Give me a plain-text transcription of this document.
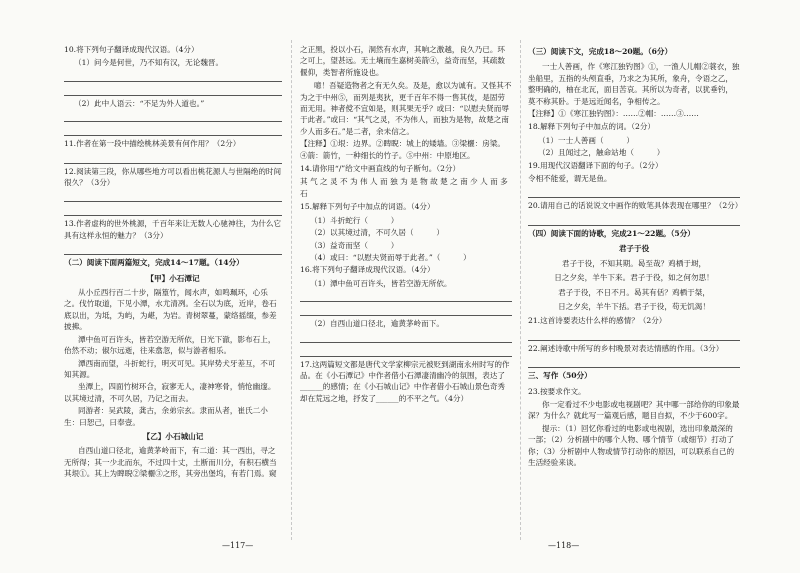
10.将下列句子翻译成现代汉语。（4分）
（1）问今是何世，乃不知有汉，无论魏晋。
（2）此中人语云：“不足为外人道也。”
11.作者在第一段中描绘桃林美景有何作用？（2分）
12.阅读第三段，你从哪些地方可以看出桃花源人与世隔绝的时间很久？（3分）
13.作者虚构的世外桃源，千百年来让无数人心驰神往，为什么它具有这样永恒的魅力？（3分）
（二）阅读下面两篇短文，完成14～17题。（14分）
【甲】小石潭记
从小丘西行百二十步，隔篁竹，闻水声，如鸣珮环，心乐之。伐竹取道，下见小潭，水尤清冽。全石以为底，近岸，卷石底以出，为坻，为屿，为嵁，为岩。青树翠蔓，蒙络摇缀，参差披拂。
潭中鱼可百许头，皆若空游无所依，日光下澈，影布石上，佁然不动；俶尔远逝，往来翕忽，似与游者相乐。
潭西南而望，斗折蛇行，明灭可见。其岸势犬牙差互，不可知其源。
坐潭上，四面竹树环合，寂寥无人，凄神寒骨，悄怆幽邃。以其境过清，不可久居，乃记之而去。
同游者：吴武陵，龚古，余弟宗玄。隶而从者，崔氏二小生：曰恕己，曰奉壹。
【乙】小石城山记
自西山道口径北，逾黄茅岭而下，有二道：其一西出，寻之无所得；其一少北而东，不过四十丈，土断而川分，有积石横当其垠①。其上为睥睨②梁欐③之形，其旁出堡坞，有若门焉。窥
之正黑，投以小石，洞然有水声，其响之激越，良久乃已。环之可上，望甚远。无土壤而生嘉树美箭④，益奇而坚，其疏数偃仰，类智者所施设也。
噫！吾疑造物者之有无久矣。及是，愈以为诚有。又怪其不为之于中州⑤，而列是夷狄，更千百年不得一售其伎，是固劳而无用。神者傥不宜如是，则其果无乎？或曰：“以慰夫贤而辱于此者。”或曰：“其气之灵，不为伟人，而独为是物，故楚之南少人而多石。”是二者，余未信之。
【注释】①垠：边界。②睥睨：城上的矮墙。③梁欐：房梁。④箭：箭竹，一种细长的竹子。⑤中州：中原地区。
14.请你用“/”给文中画直线的句子断句。（2分）
其 气 之 灵 不 为 伟 人 而 独 为 是 物 故 楚 之 南 少 人 而 多 石
15.解释下列句子中加点的词语。（4分）
（1）斗折蛇行（　　　）
（2）以其境过清，不可久居（　　　）
（3）益奇而坚（　　　）
（4）或曰：“以慰夫贤而辱于此者。”（　　　）
16.将下列句子翻译成现代汉语。（4分）
（1）潭中鱼可百许头，皆若空游无所依。
（2）自西山道口径北，逾黄茅岭而下。
17.这两篇短文都是唐代文学家柳宗元被贬到湖南永州时写的作品。在《小石潭记》中作者借小石潭凄清幽冷的氛围，表达了______的感情；在《小石城山记》中作者借小石城山景色奇秀却在荒远之地，抒发了______的不平之气。（4分）
（三）阅读下文，完成18～20题。（6分）
一士人善画，作《寒江独钓图》①，一渔人儿帽②蓑衣，独坐船里，五指的头颅直垂，乃求之为其所，象舟，令语之乙，整明确的，柚在北瓦，面目苦哀。其所以为奇者，以犹垂钓，莫不称其卧。于是远近闻名，争相传之。
【注释】①《寒江独钓图》：……②帽：……③……
18.解释下列句子中加点的词。（2分）
（1）一士人善画（　　　）
（2）且闻过之，触命站地（　　　）
19.用现代汉语翻译下面的句子。（2分）
令相不能爱，谓无是鱼。
20.请用自己的话说说文中画作的败笔具体表现在哪里？（2分）
（四）阅读下面的诗歌，完成21～22题。（5分）
君子于役
君子于役，不知其期。曷至哉？鸡栖于埘，
日之夕矣，羊牛下来。君子于役，如之何勿思！
君子于役，不日不月。曷其有佸？鸡栖于桀，
日之夕矣，羊牛下括。君子于役，苟无饥渴！
21.这首诗要表达什么样的感情？（2分）
22.阐述诗歌中所写的乡村晚景对表达情感的作用。（3分）
三、写作（50分）
23.按要求作文。
你一定看过不少电影或电视剧吧？其中哪一部给你的印象最深？为什么？就此写一篇观后感，题目自拟，不少于600字。
提示：（1）回忆你看过的电影或电视剧，选出印象最深的一部；（2）分析剧中的哪个人物、哪个情节（或细节）打动了你；（3）分析剧中人物或情节打动你的原因，可以联系自己的生活经验来谈。
—117—	—118—
